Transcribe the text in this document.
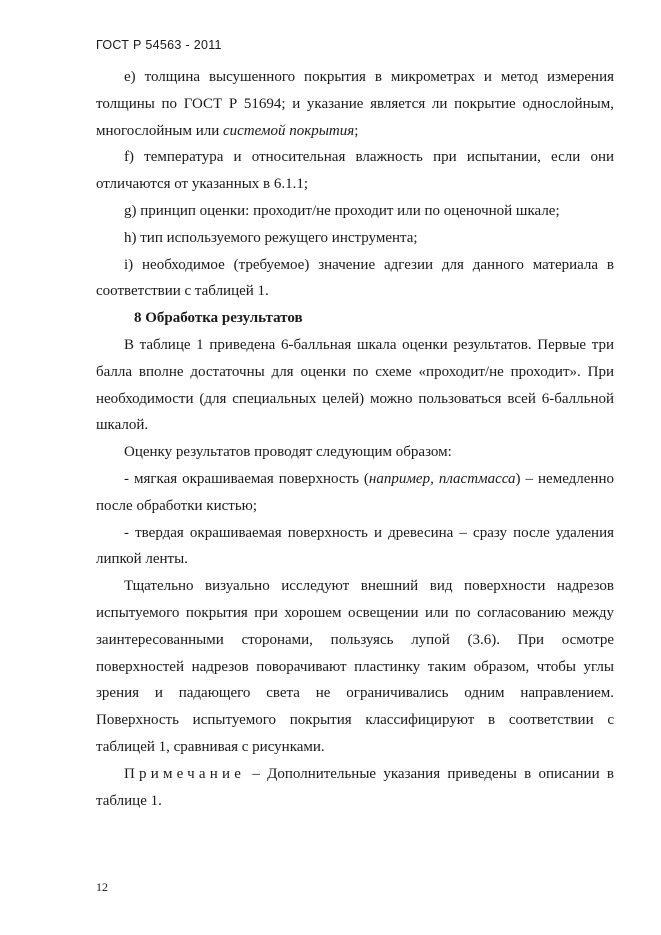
ГОСТ Р 54563 - 2011

e) толщина высушенного покрытия в микрометрах и метод измерения толщины по ГОСТ Р 51694; и указание является ли покрытие однослойным, многослойным или системой покрытия;

f) температура и относительная влажность при испытании, если они отличаются от указанных в 6.1.1;

g) принцип оценки: проходит/не проходит или по оценочной шкале;

h) тип используемого режущего инструмента;

i) необходимое (требуемое) значение адгезии для данного материала в соответствии с таблицей 1.

8 Обработка результатов

В таблице 1 приведена 6-балльная шкала оценки результатов. Первые три балла вполне достаточны для оценки по схеме «проходит/не проходит». При необходимости (для специальных целей) можно пользоваться всей 6-балльной шкалой.

Оценку результатов проводят следующим образом:

- мягкая окрашиваемая поверхность (например, пластмасса) – немедленно после обработки кистью;

- твердая окрашиваемая поверхность и древесина – сразу после удаления липкой ленты.

Тщательно визуально исследуют внешний вид поверхности надрезов испытуемого покрытия при хорошем освещении или по согласованию между заинтересованными сторонами, пользуясь лупой (3.6). При осмотре поверхностей надрезов поворачивают пластинку таким образом, чтобы углы зрения и падающего света не ограничивались одним направлением. Поверхность испытуемого покрытия классифицируют в соответствии с таблицей 1, сравнивая с рисунками.

Примечание – Дополнительные указания приведены в описании в таблице 1.

12
